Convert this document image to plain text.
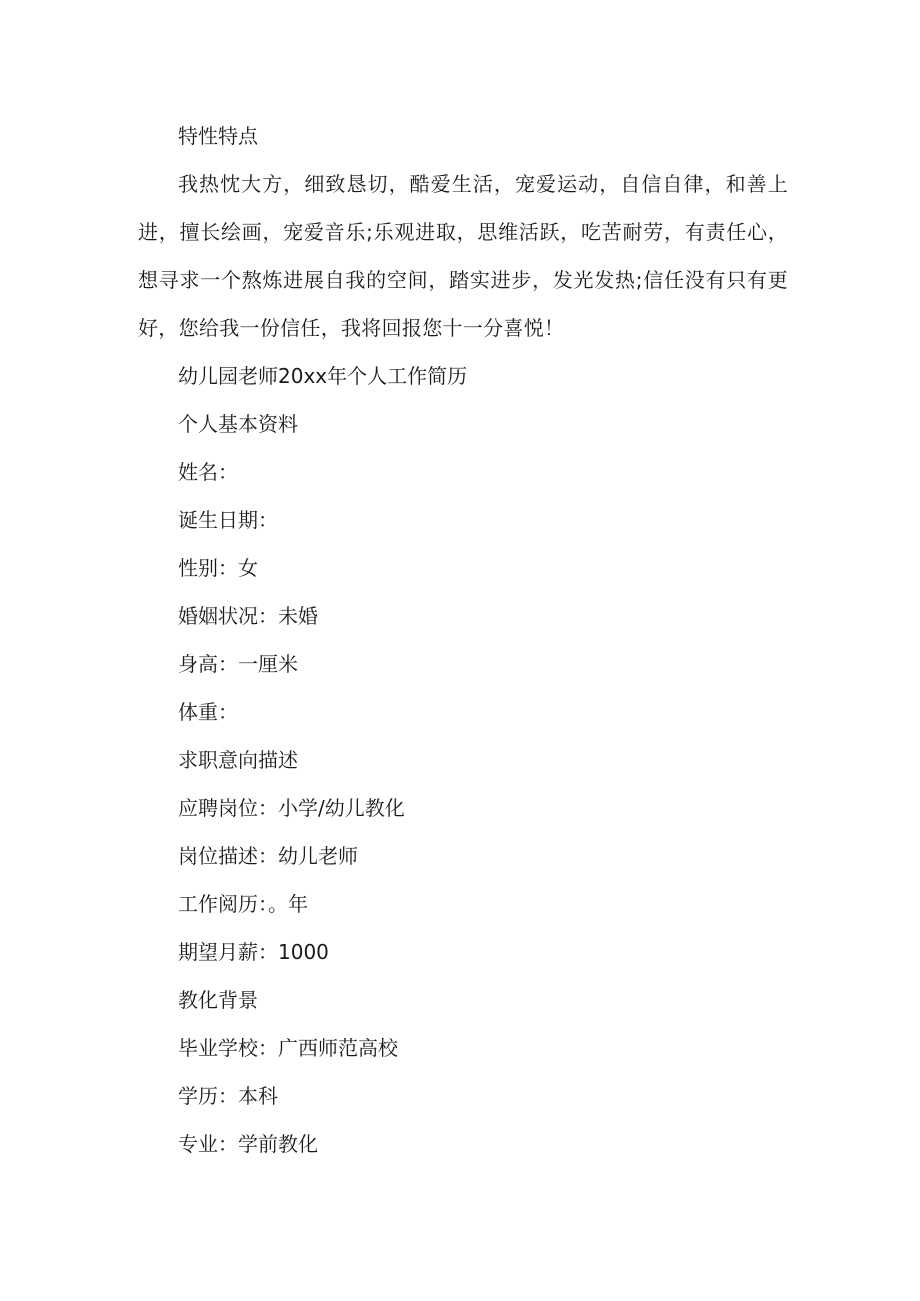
特性特点
我热忱大方，细致恳切，酷爱生活，宠爱运动，自信自律，和善上进，擅长绘画，宠爱音乐;乐观进取，思维活跃，吃苦耐劳，有责任心，想寻求一个熬炼进展自我的空间，踏实进步，发光发热;信任没有只有更好，您给我一份信任，我将回报您十一分喜悦！
幼儿园老师20xx年个人工作简历
个人基本资料
姓名：
诞生日期：
性别：女
婚姻状况：未婚
身高：一厘米
体重：
求职意向描述
应聘岗位：小学/幼儿教化
岗位描述：幼儿老师
工作阅历：。年
期望月薪：1000
教化背景
毕业学校：广西师范高校
学历：本科
专业：学前教化
